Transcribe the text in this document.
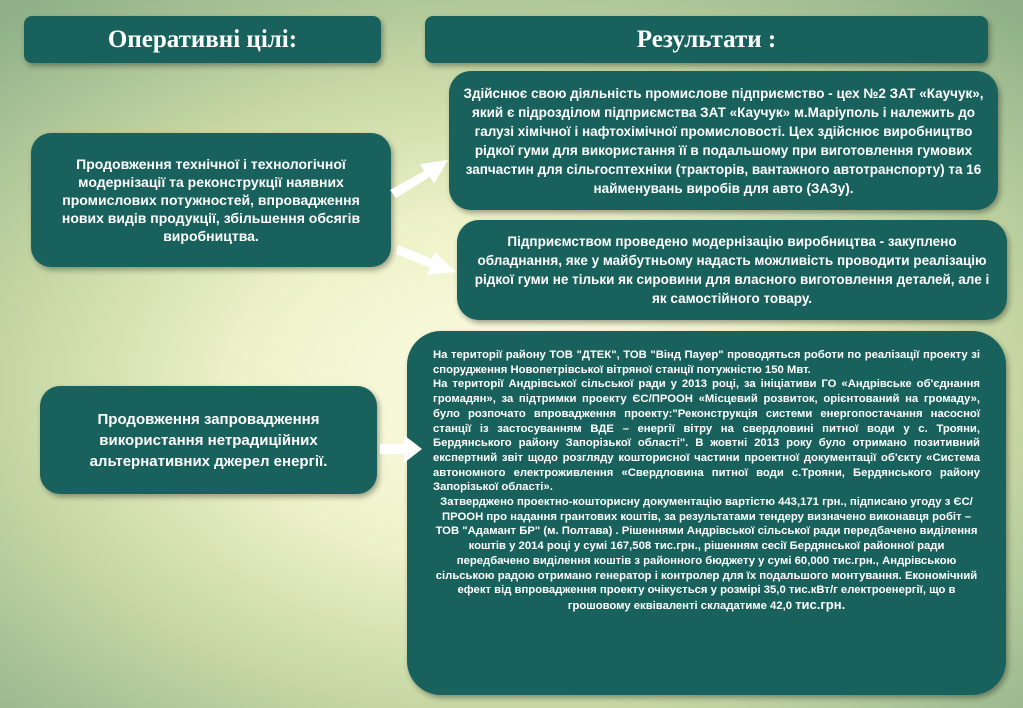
Оперативні цілі:	Результати :
Продовження технічної і технологічної модернізації та реконструкції наявних промислових потужностей, впровадження нових видів продукції, збільшення обсягів виробництва.
Продовження запровадження використання нетрадиційних альтернативних джерел енергії.
Здійснює свою діяльність промислове підприємство - цех №2 ЗАТ «Каучук», який є підрозділом підприємства ЗАТ «Каучук» м.Маріуполь і належить до галузі хімічної і нафтохімічної промисловості. Цех здійснює виробництво рідкої гуми для використання її в подальшому при виготовлення гумових запчастин для сільгосптехніки (тракторів, вантажного автотранспорту) та 16 найменувань виробів для авто (ЗАЗу).
Підприємством проведено модернізацію виробництва - закуплено обладнання, яке у майбутньому надасть можливість проводити реалізацію рідкої гуми не тільки як сировини для власного виготовлення деталей, але і як самостійного товару.

На території району ТОВ "ДТЕК", ТОВ "Вінд Пауер" проводяться роботи по реалізації проекту зі спорудження Новопетрівської вітряної станції потужністю 150 Мвт.

На території Андрівської сільської ради у 2013 році, за ініціативи ГО «Андрівське об'єднання громадян», за підтримки проекту ЄС/ПРООН «Місцевий розвиток, орієнтований на громаду», було розпочато впровадження проекту:"Реконструкція системи енергопостачання насосної станції із застосуванням ВДЕ – енергії вітру на свердловині питної води у с. Трояни, Бердянського району Запорізької області". В жовтні 2013 року було отримано позитивний експертний звіт щодо розгляду кошторисної частини проектної документації об'єкту «Система автономного електроживлення «Свердловина питної води с.Трояни, Бердянського району Запорізької області».

Затверджено проектно-кошторисну документацію вартістю 443,171 грн., підписано угоду з ЄС/ПРООН про надання грантових коштів, за результатами тендеру визначено виконавця робіт – ТОВ "Адамант БР" (м. Полтава) . Рішеннями Андрівської сільської ради передбачено виділення коштів у 2014 році у сумі 167,508 тис.грн., рішенням сесії Бердянської районної ради передбачено виділення коштів з районного бюджету у сумі 60,000 тис.грн., Андрівською сільською радою отримано генератор і контролер для їх подальшого монтування. Економічний ефект від впровадження проекту очікується у розмірі 35,0 тис.кВт/г електроенергії, що в грошовому еквіваленті складатиме 42,0 тис.грн.
